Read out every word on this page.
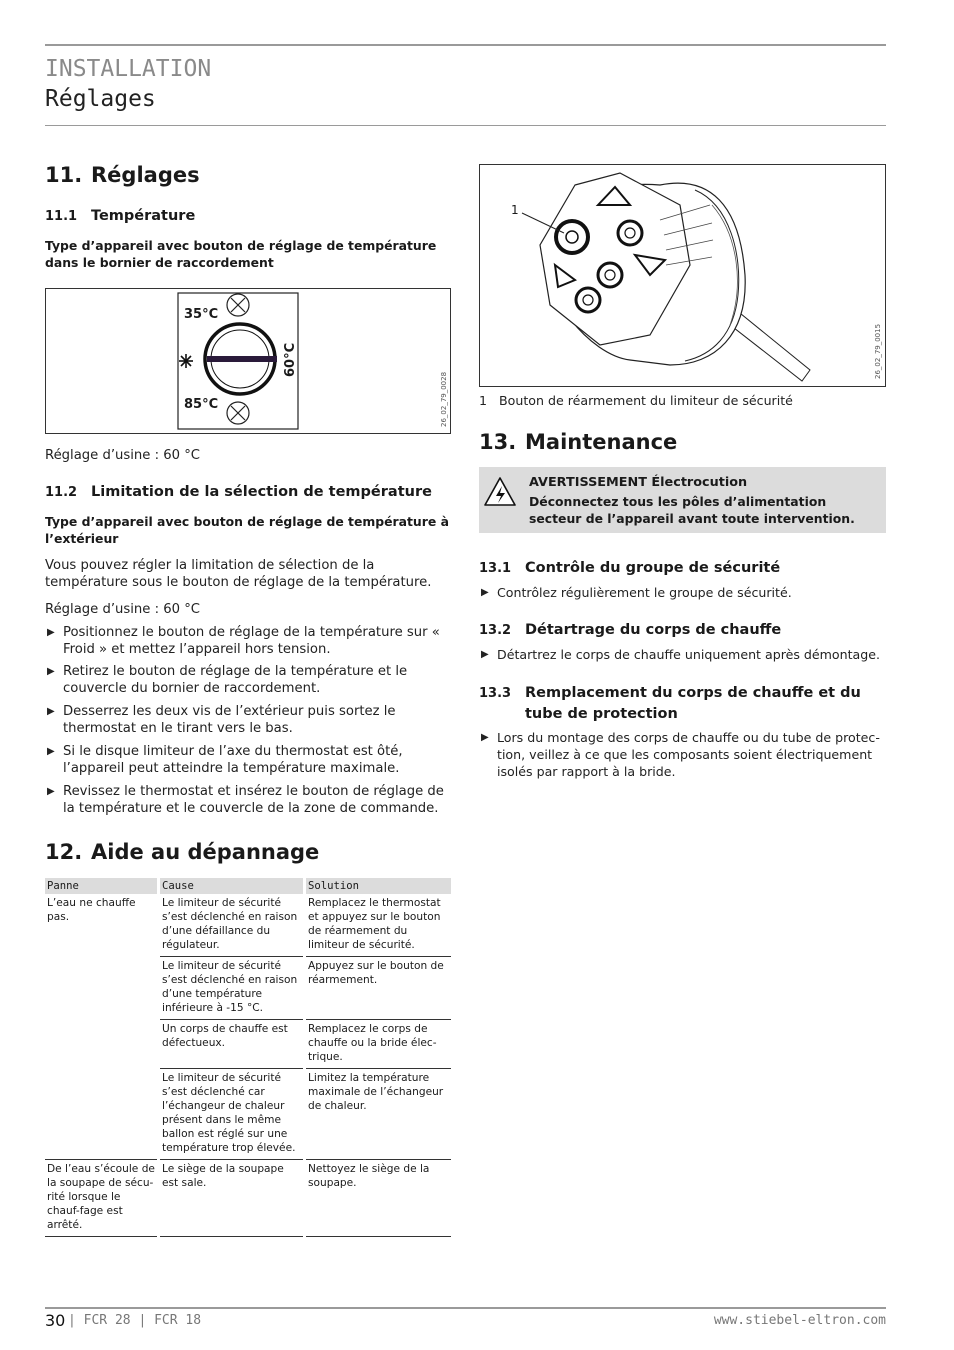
INSTALLATION
Réglages
11. Réglages
11.1 Température
Type d’appareil avec bouton de réglage de température dans le bornier de raccordement
35°C
60°C
85°C	26_02_79_0028
Réglage d’usine : 60 °C
11.2 Limitation de la sélection de température
Type d’appareil avec bouton de réglage de température à l’extérieur
Vous pouvez régler la limitation de sélection de la température sous le bouton de réglage de la température.
Réglage d’usine : 60 °C
▶ Positionnez le bouton de réglage de la température sur « Froid » et mettez l’appareil hors tension.
▶ Retirez le bouton de réglage de la température et le couvercle du bornier de raccordement.
▶ Desserrez les deux vis de l’extérieur puis sortez le thermostat en le tirant vers le bas.
▶ Si le disque limiteur de l’axe du thermostat est ôté, l’appareil peut atteindre la température maximale.
▶ Revissez le thermostat et insérez le bouton de réglage de la température et le couvercle de la zone de commande.
12. Aide au dépannage
Panne	Cause	Solution
L’eau ne chauffe pas.	Le limiteur de sécurité s’est déclenché en raison d’une défaillance du régulateur.	Remplacez le thermostat et appuyez sur le bouton de réarmement du limiteur de sécurité.
	Le limiteur de sécurité s’est déclenché en raison d’une température inférieure à -15 °C.	Appuyez sur le bouton de réarmement.
	Un corps de chauffe est défectueux.	Remplacez le corps de chauffe ou la bride élec-trique.
	Le limiteur de sécurité s’est déclenché car l’échangeur de chaleur présent dans le même ballon est réglé sur une température trop élevée.	Limitez la température maximale de l’échangeur de chaleur.
De l’eau s’écoule de la soupape de sécu-rité lorsque le chauf-fage est arrêté.	Le siège de la soupape est sale.	Nettoyez le siège de la soupape.
1
26_02_79_0015
1 Bouton de réarmement du limiteur de sécurité
13. Maintenance
AVERTISSEMENT Électrocution
Déconnectez tous les pôles d’alimentation secteur de l’appareil avant toute intervention.
13.1 Contrôle du groupe de sécurité
▶ Contrôlez régulièrement le groupe de sécurité.
13.2 Détartrage du corps de chauffe
▶ Détartrez le corps de chauffe uniquement après démontage.
13.3 Remplacement du corps de chauffe et du tube de protection
▶ Lors du montage des corps de chauffe ou du tube de protec-tion, veillez à ce que les composants soient électriquement isolés par rapport à la bride.
30 | FCR 28 | FCR 18	www.stiebel-eltron.com
